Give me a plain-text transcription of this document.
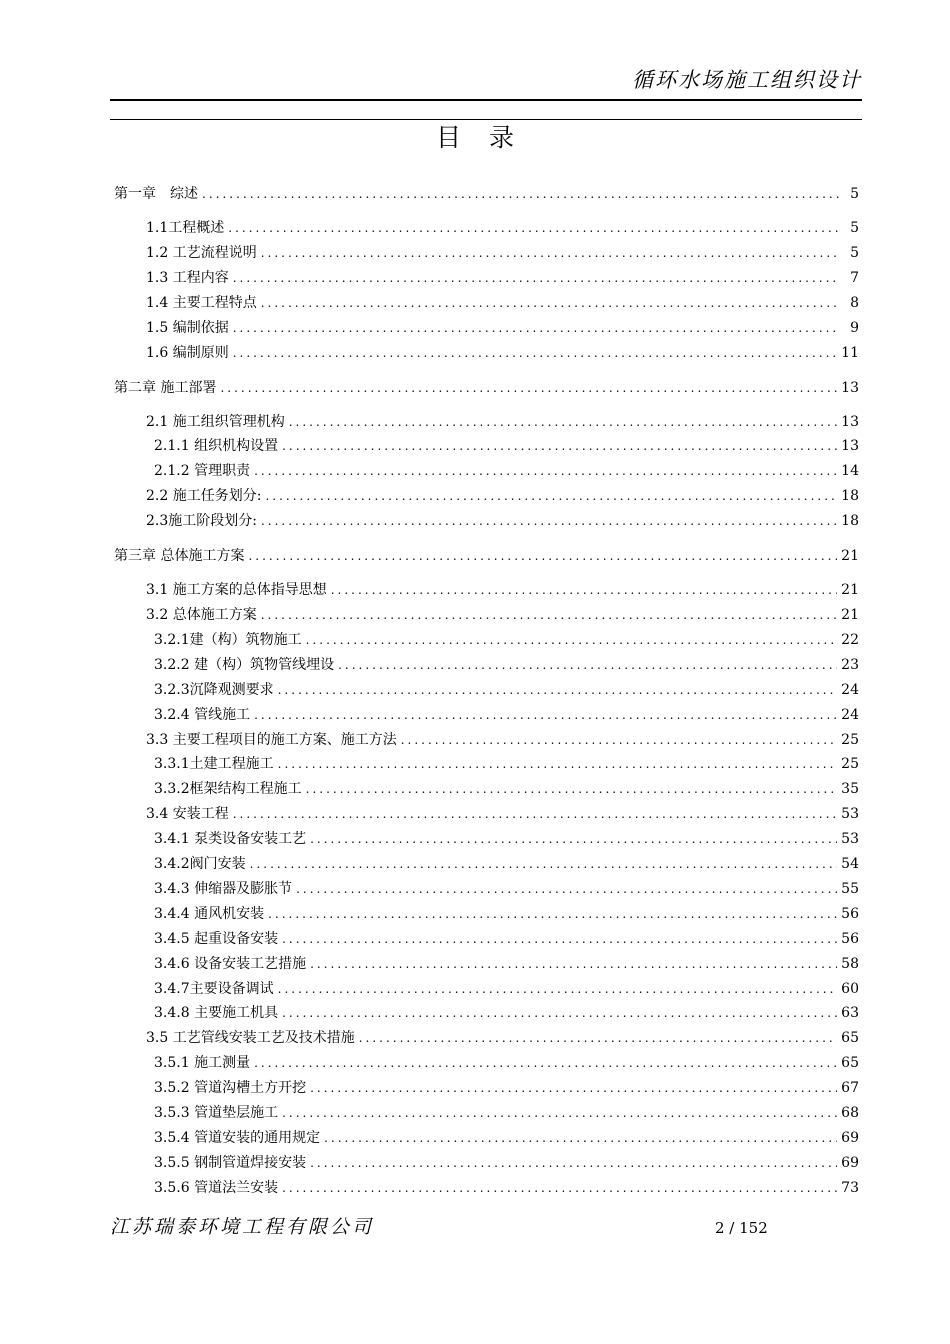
循环水场施工组织设计
目录
第一章　综述 .....	5
1.1工程概述 .....	5
1.2 工艺流程说明 .....	5
1.3 工程内容 .....	7
1.4 主要工程特点 .....	8
1.5 编制依据 .....	9
1.6 编制原则 .....	11
第二章 施工部署 .....	13
2.1 施工组织管理机构 .....	13
2.1.1 组织机构设置 .....	13
2.1.2 管理职责 .....	14
2.2 施工任务划分: .....	18
2.3施工阶段划分: .....	18
第三章 总体施工方案 .....	21
3.1 施工方案的总体指导思想 .....	21
3.2 总体施工方案 .....	21
3.2.1建（构）筑物施工 .....	22
3.2.2 建（构）筑物管线埋设 .....	23
3.2.3沉降观测要求 .....	24
3.2.4 管线施工 .....	24
3.3 主要工程项目的施工方案、施工方法 .....	25
3.3.1土建工程施工 .....	25
3.3.2框架结构工程施工 .....	35
3.4 安装工程 .....	53
3.4.1 泵类设备安装工艺 .....	53
3.4.2阀门安装 .....	54
3.4.3 伸缩器及膨胀节 .....	55
3.4.4 通风机安装 .....	56
3.4.5 起重设备安装 .....	56
3.4.6 设备安装工艺措施 .....	58
3.4.7主要设备调试 .....	60
3.4.8 主要施工机具 .....	63
3.5 工艺管线安装工艺及技术措施 .....	65
3.5.1 施工测量 .....	65
3.5.2 管道沟槽土方开挖 .....	67
3.5.3 管道垫层施工 .....	68
3.5.4 管道安装的通用规定 .....	69
3.5.5 钢制管道焊接安装 .....	69
3.5.6 管道法兰安装 .....	73
江苏瑞泰环境工程有限公司	2 / 152
